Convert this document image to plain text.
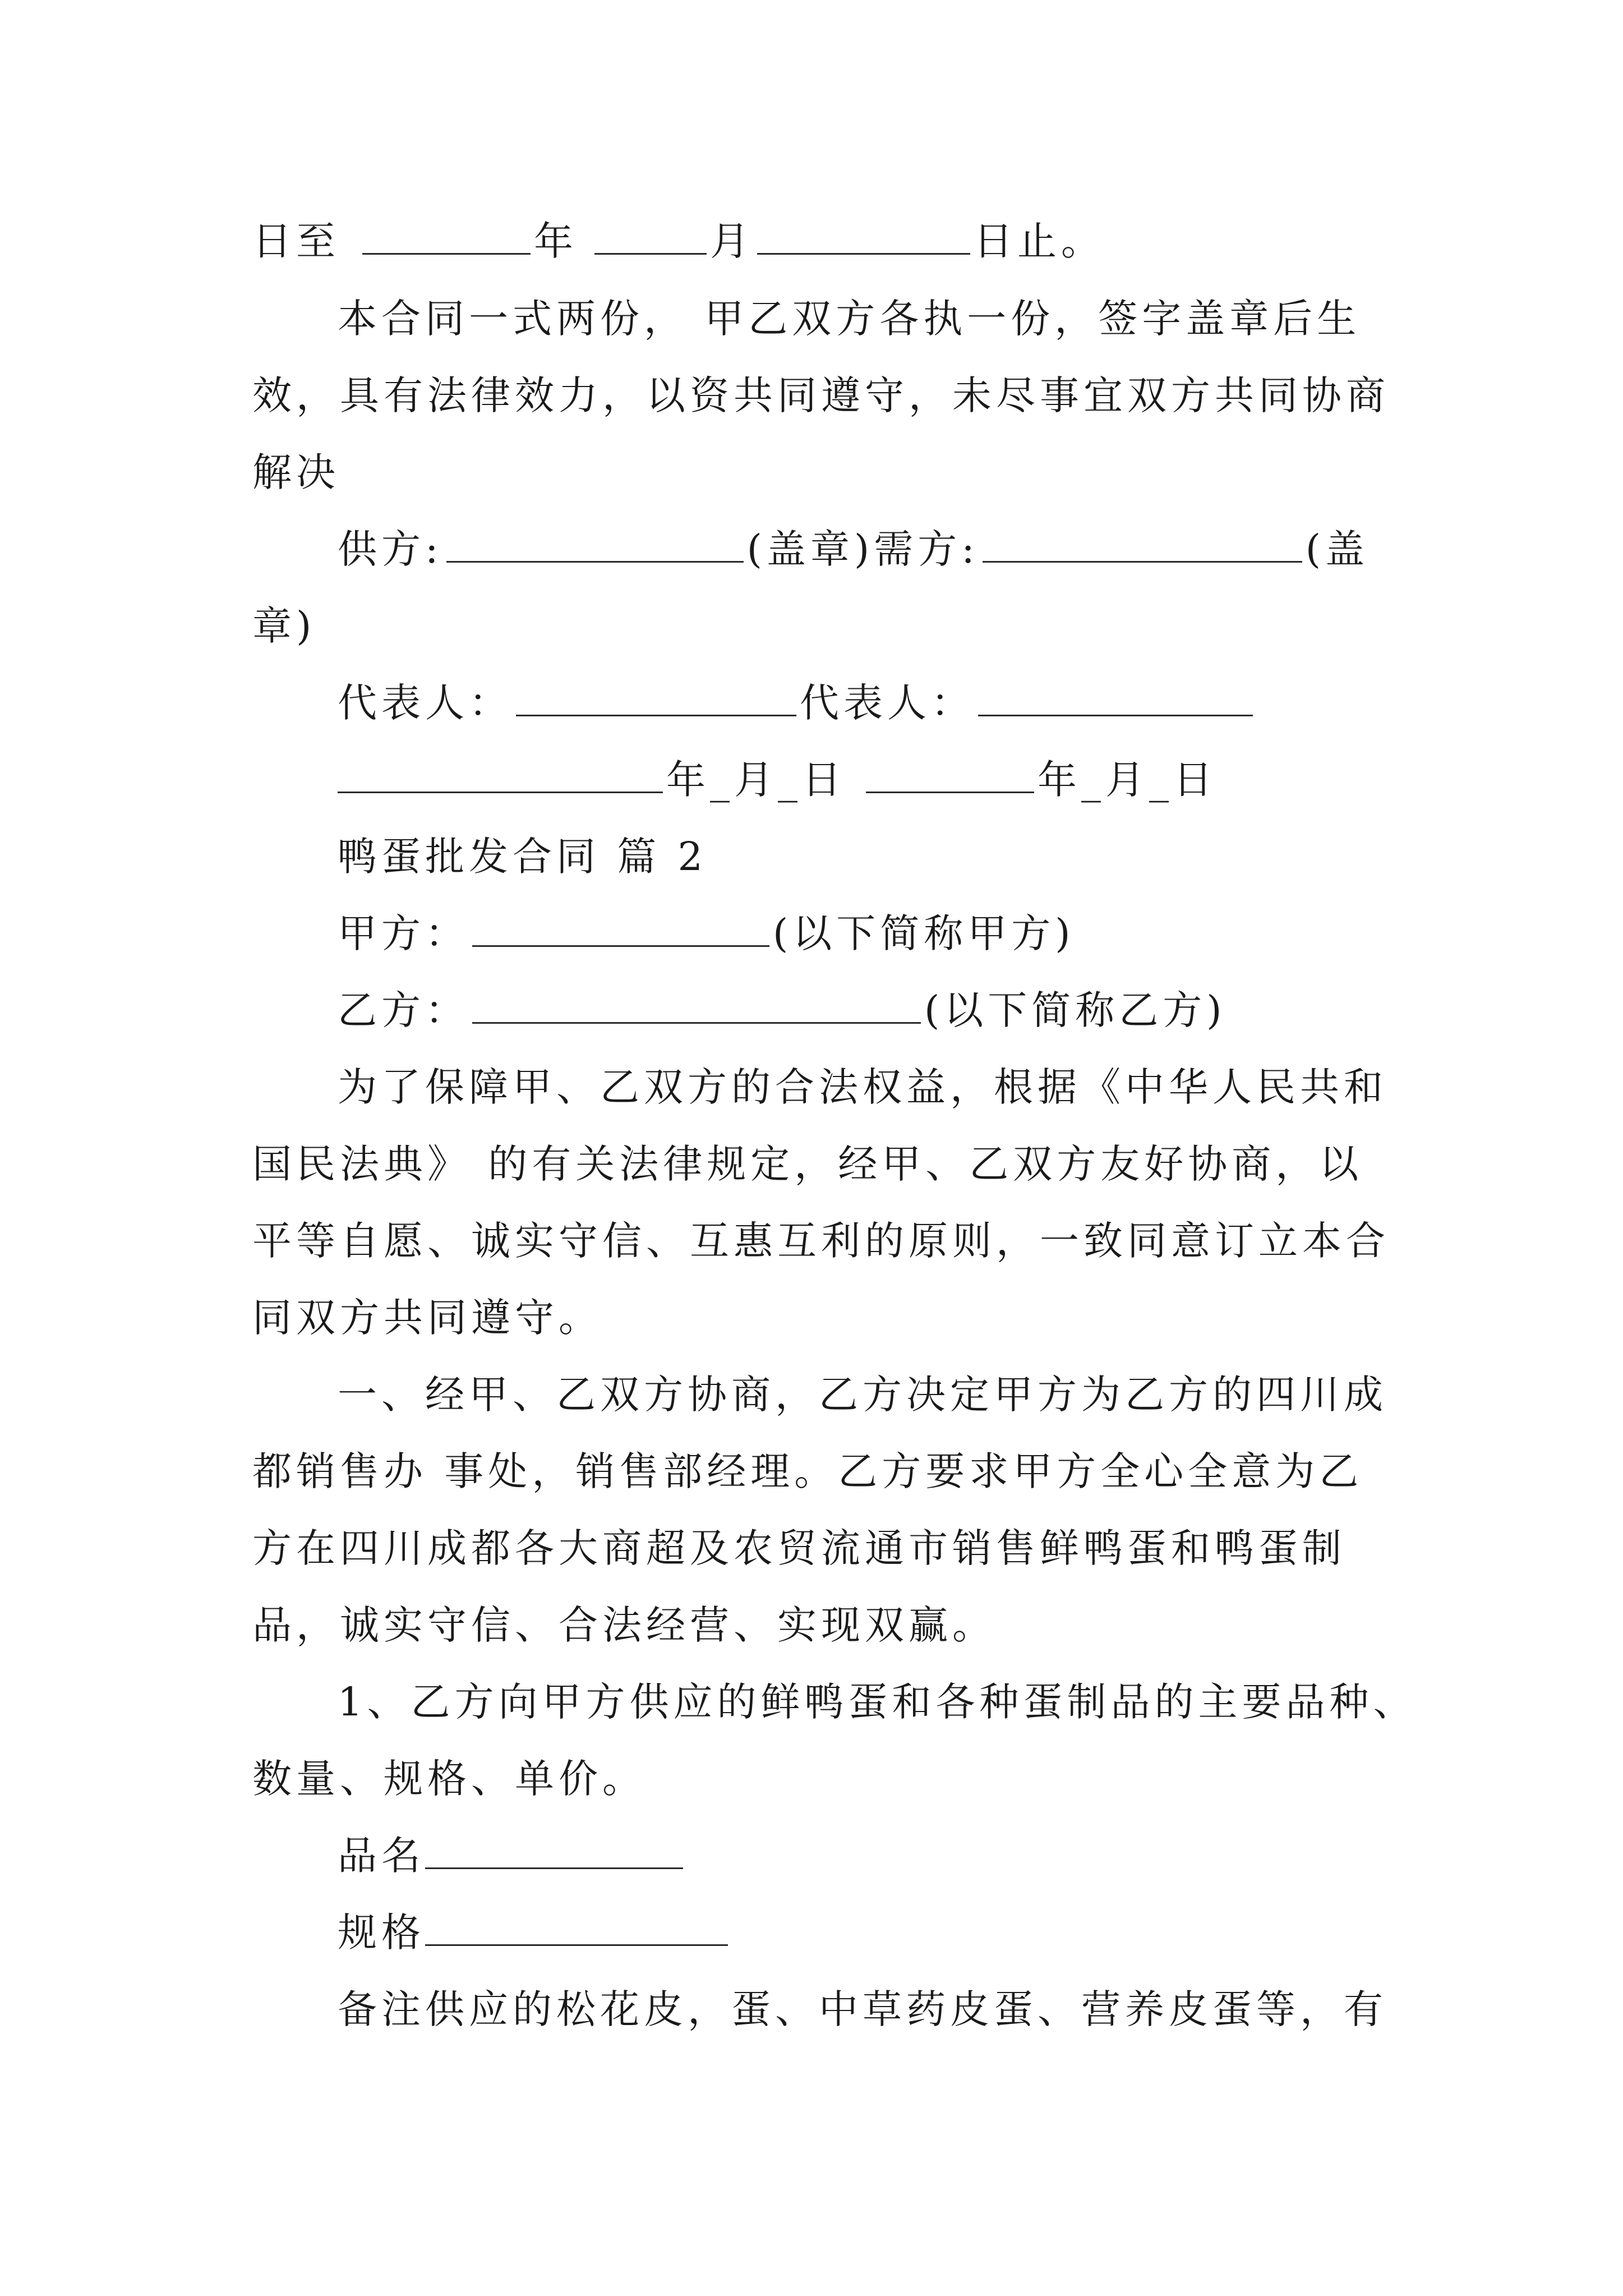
日至	年	月	日止。
本合同一式两份， 甲乙双方各执一份，签字盖章后生
效，具有法律效力，以资共同遵守，未尽事宜双方共同协商
解决
供方:	(盖章)需方:	(盖
章)
代表人：	代表人：
年_月_日	年_月_日
鸭蛋批发合同 篇 2
甲方：	(以下简称甲方)
乙方：	(以下简称乙方)
为了保障甲、乙双方的合法权益，根据《中华人民共和
国民法典》 的有关法律规定，经甲、乙双方友好协商，以
平等自愿、诚实守信、互惠互利的原则，一致同意订立本合
同双方共同遵守。
一、经甲、乙双方协商，乙方决定甲方为乙方的四川成
都销售办 事处，销售部经理。乙方要求甲方全心全意为乙
方在四川成都各大商超及农贸流通市销售鲜鸭蛋和鸭蛋制
品，诚实守信、合法经营、实现双赢。
1、乙方向甲方供应的鲜鸭蛋和各种蛋制品的主要品种、
数量、规格、单价。
品名
规格
备注供应的松花皮，蛋、中草药皮蛋、营养皮蛋等，有
